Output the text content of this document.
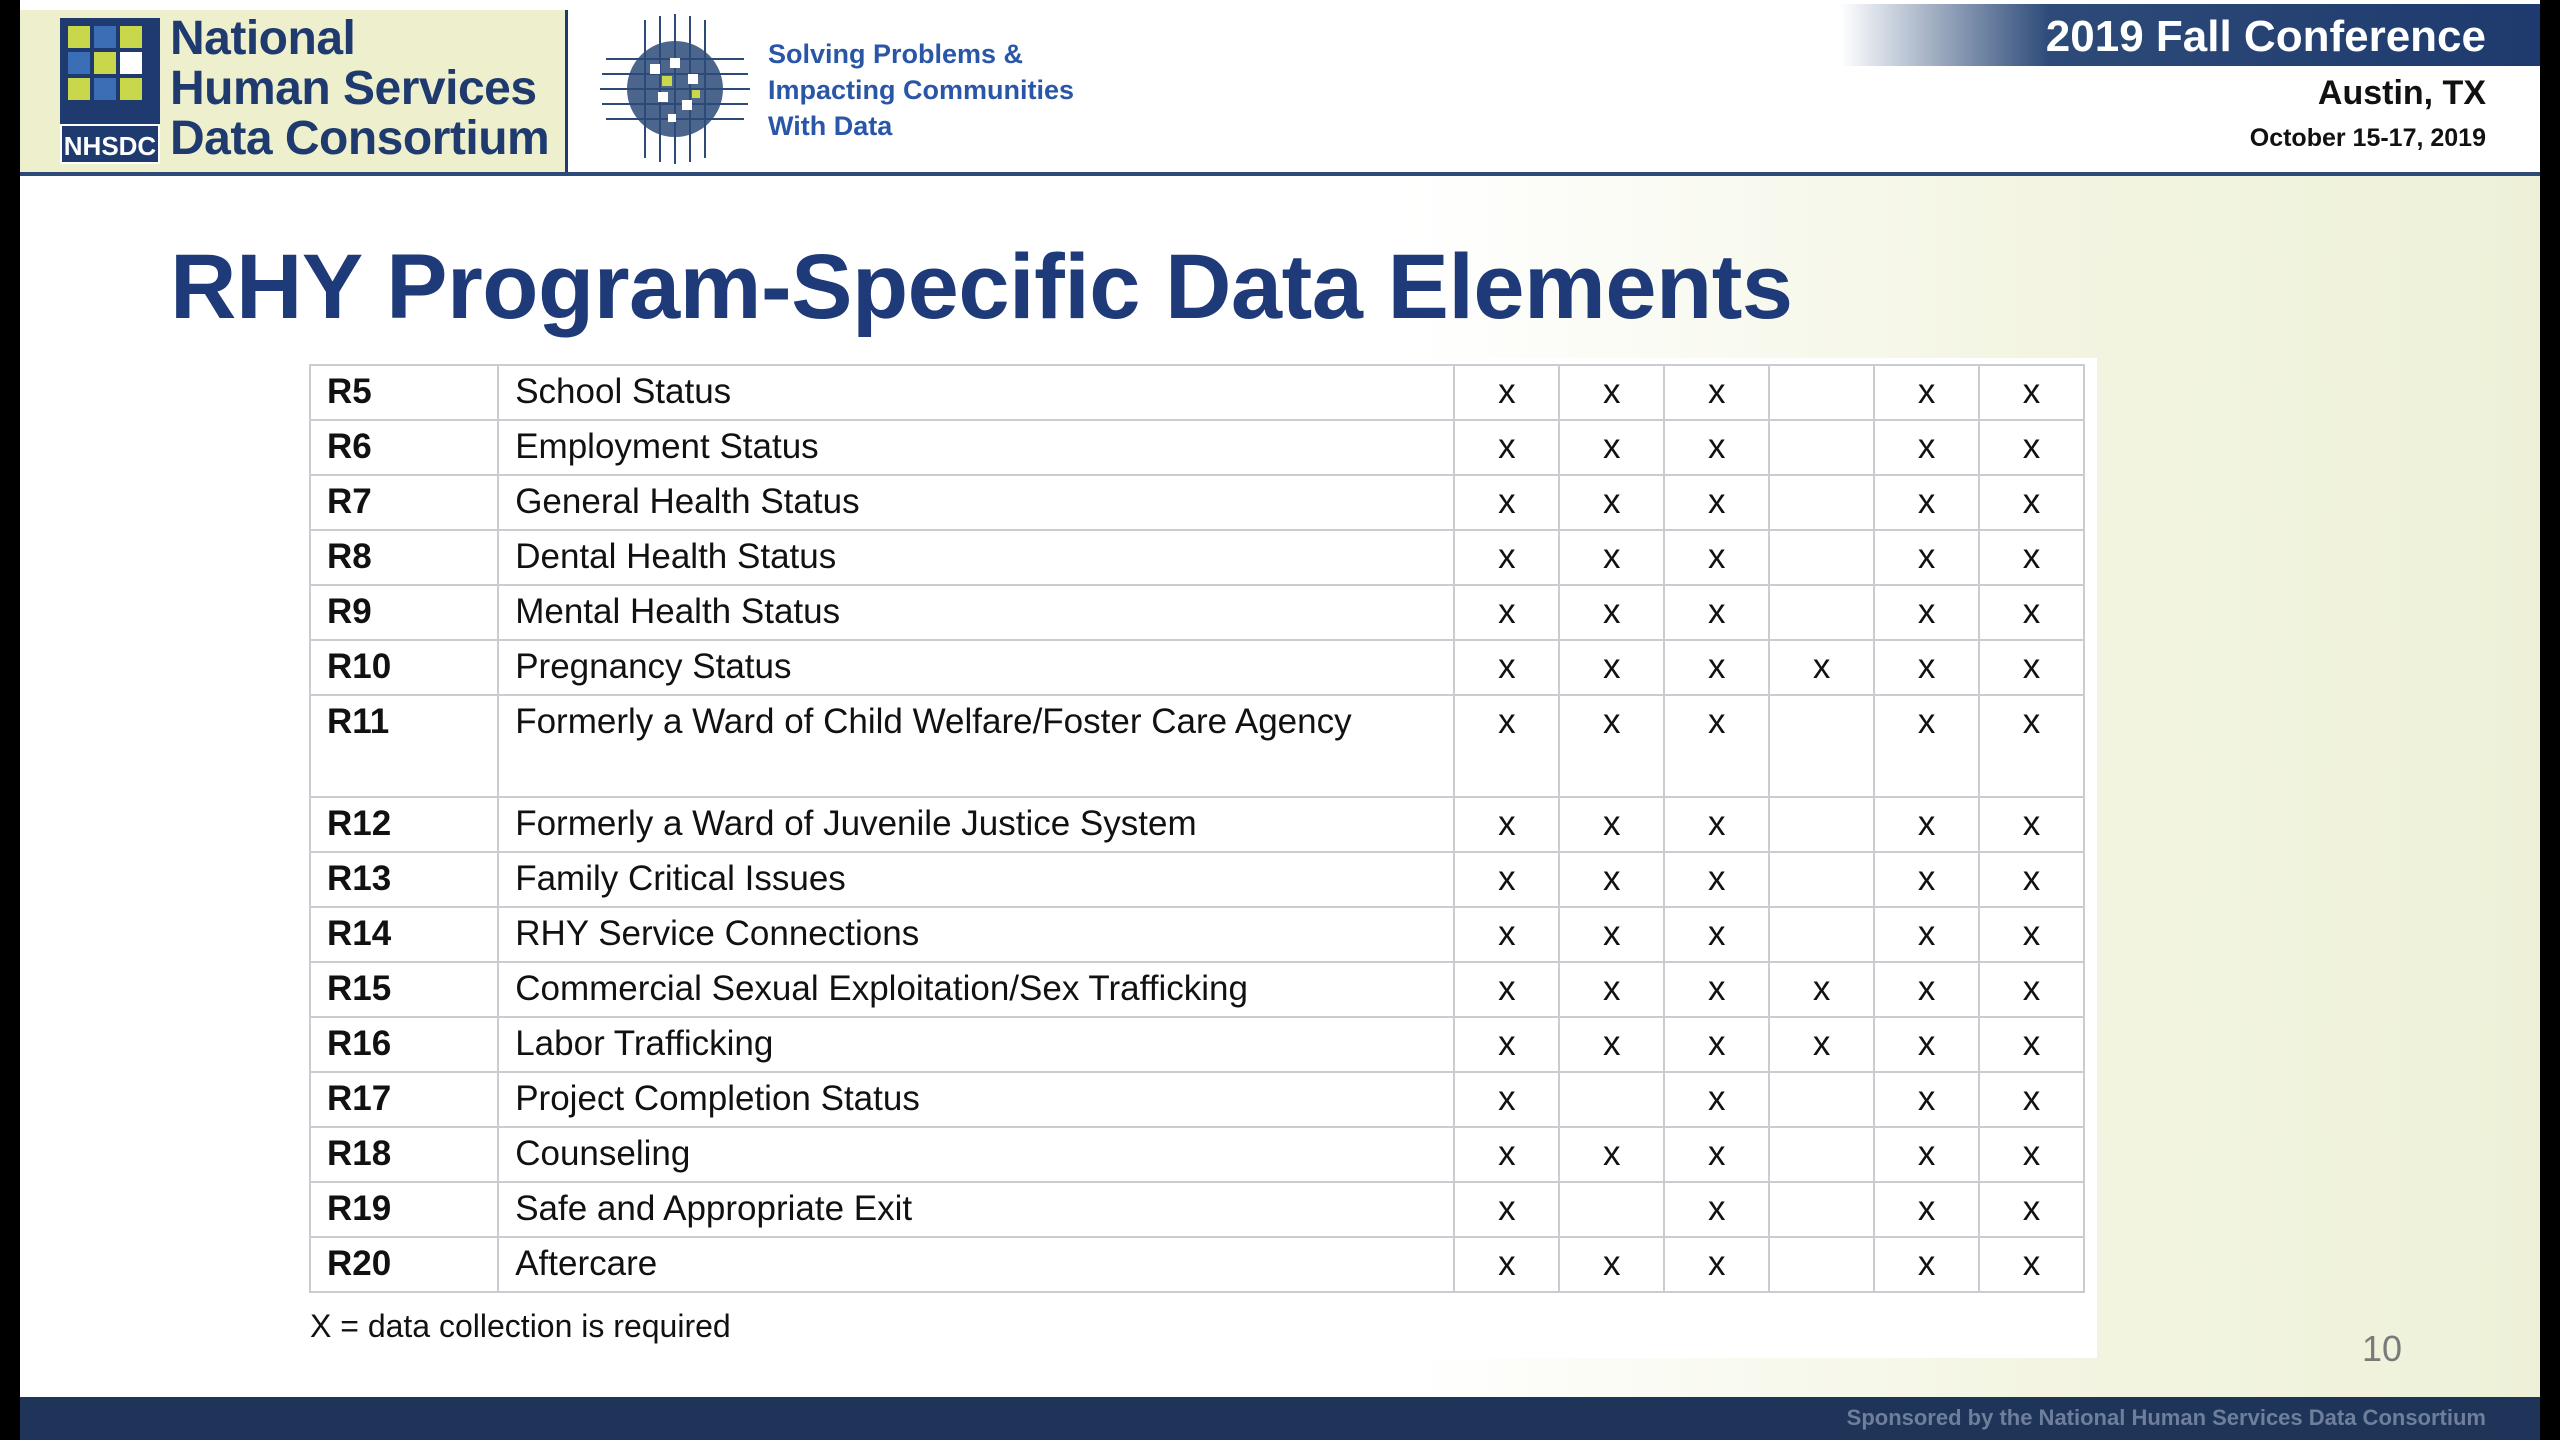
NHSDC
National
Human Services
Data Consortium
Solving Problems &
Impacting Communities
With Data
2019 Fall Conference
Austin, TX
October 15-17, 2019
RHY Program-Specific Data Elements
R5	School Status	x	x	x		x	x
R6	Employment Status	x	x	x		x	x
R7	General Health Status	x	x	x		x	x
R8	Dental Health Status	x	x	x		x	x
R9	Mental Health Status	x	x	x		x	x
R10	Pregnancy Status	x	x	x	x	x	x
R11	Formerly a Ward of Child Welfare/Foster Care Agency	x	x	x		x	x
R12	Formerly a Ward of Juvenile Justice System	x	x	x		x	x
R13	Family Critical Issues	x	x	x		x	x
R14	RHY Service Connections	x	x	x		x	x
R15	Commercial Sexual Exploitation/Sex Trafficking	x	x	x	x	x	x
R16	Labor Trafficking	x	x	x	x	x	x
R17	Project Completion Status	x		x		x	x
R18	Counseling	x	x	x		x	x
R19	Safe and Appropriate Exit	x		x		x	x
R20	Aftercare	x	x	x		x	x
X = data collection is required
10
Sponsored by the National Human Services Data Consortium
